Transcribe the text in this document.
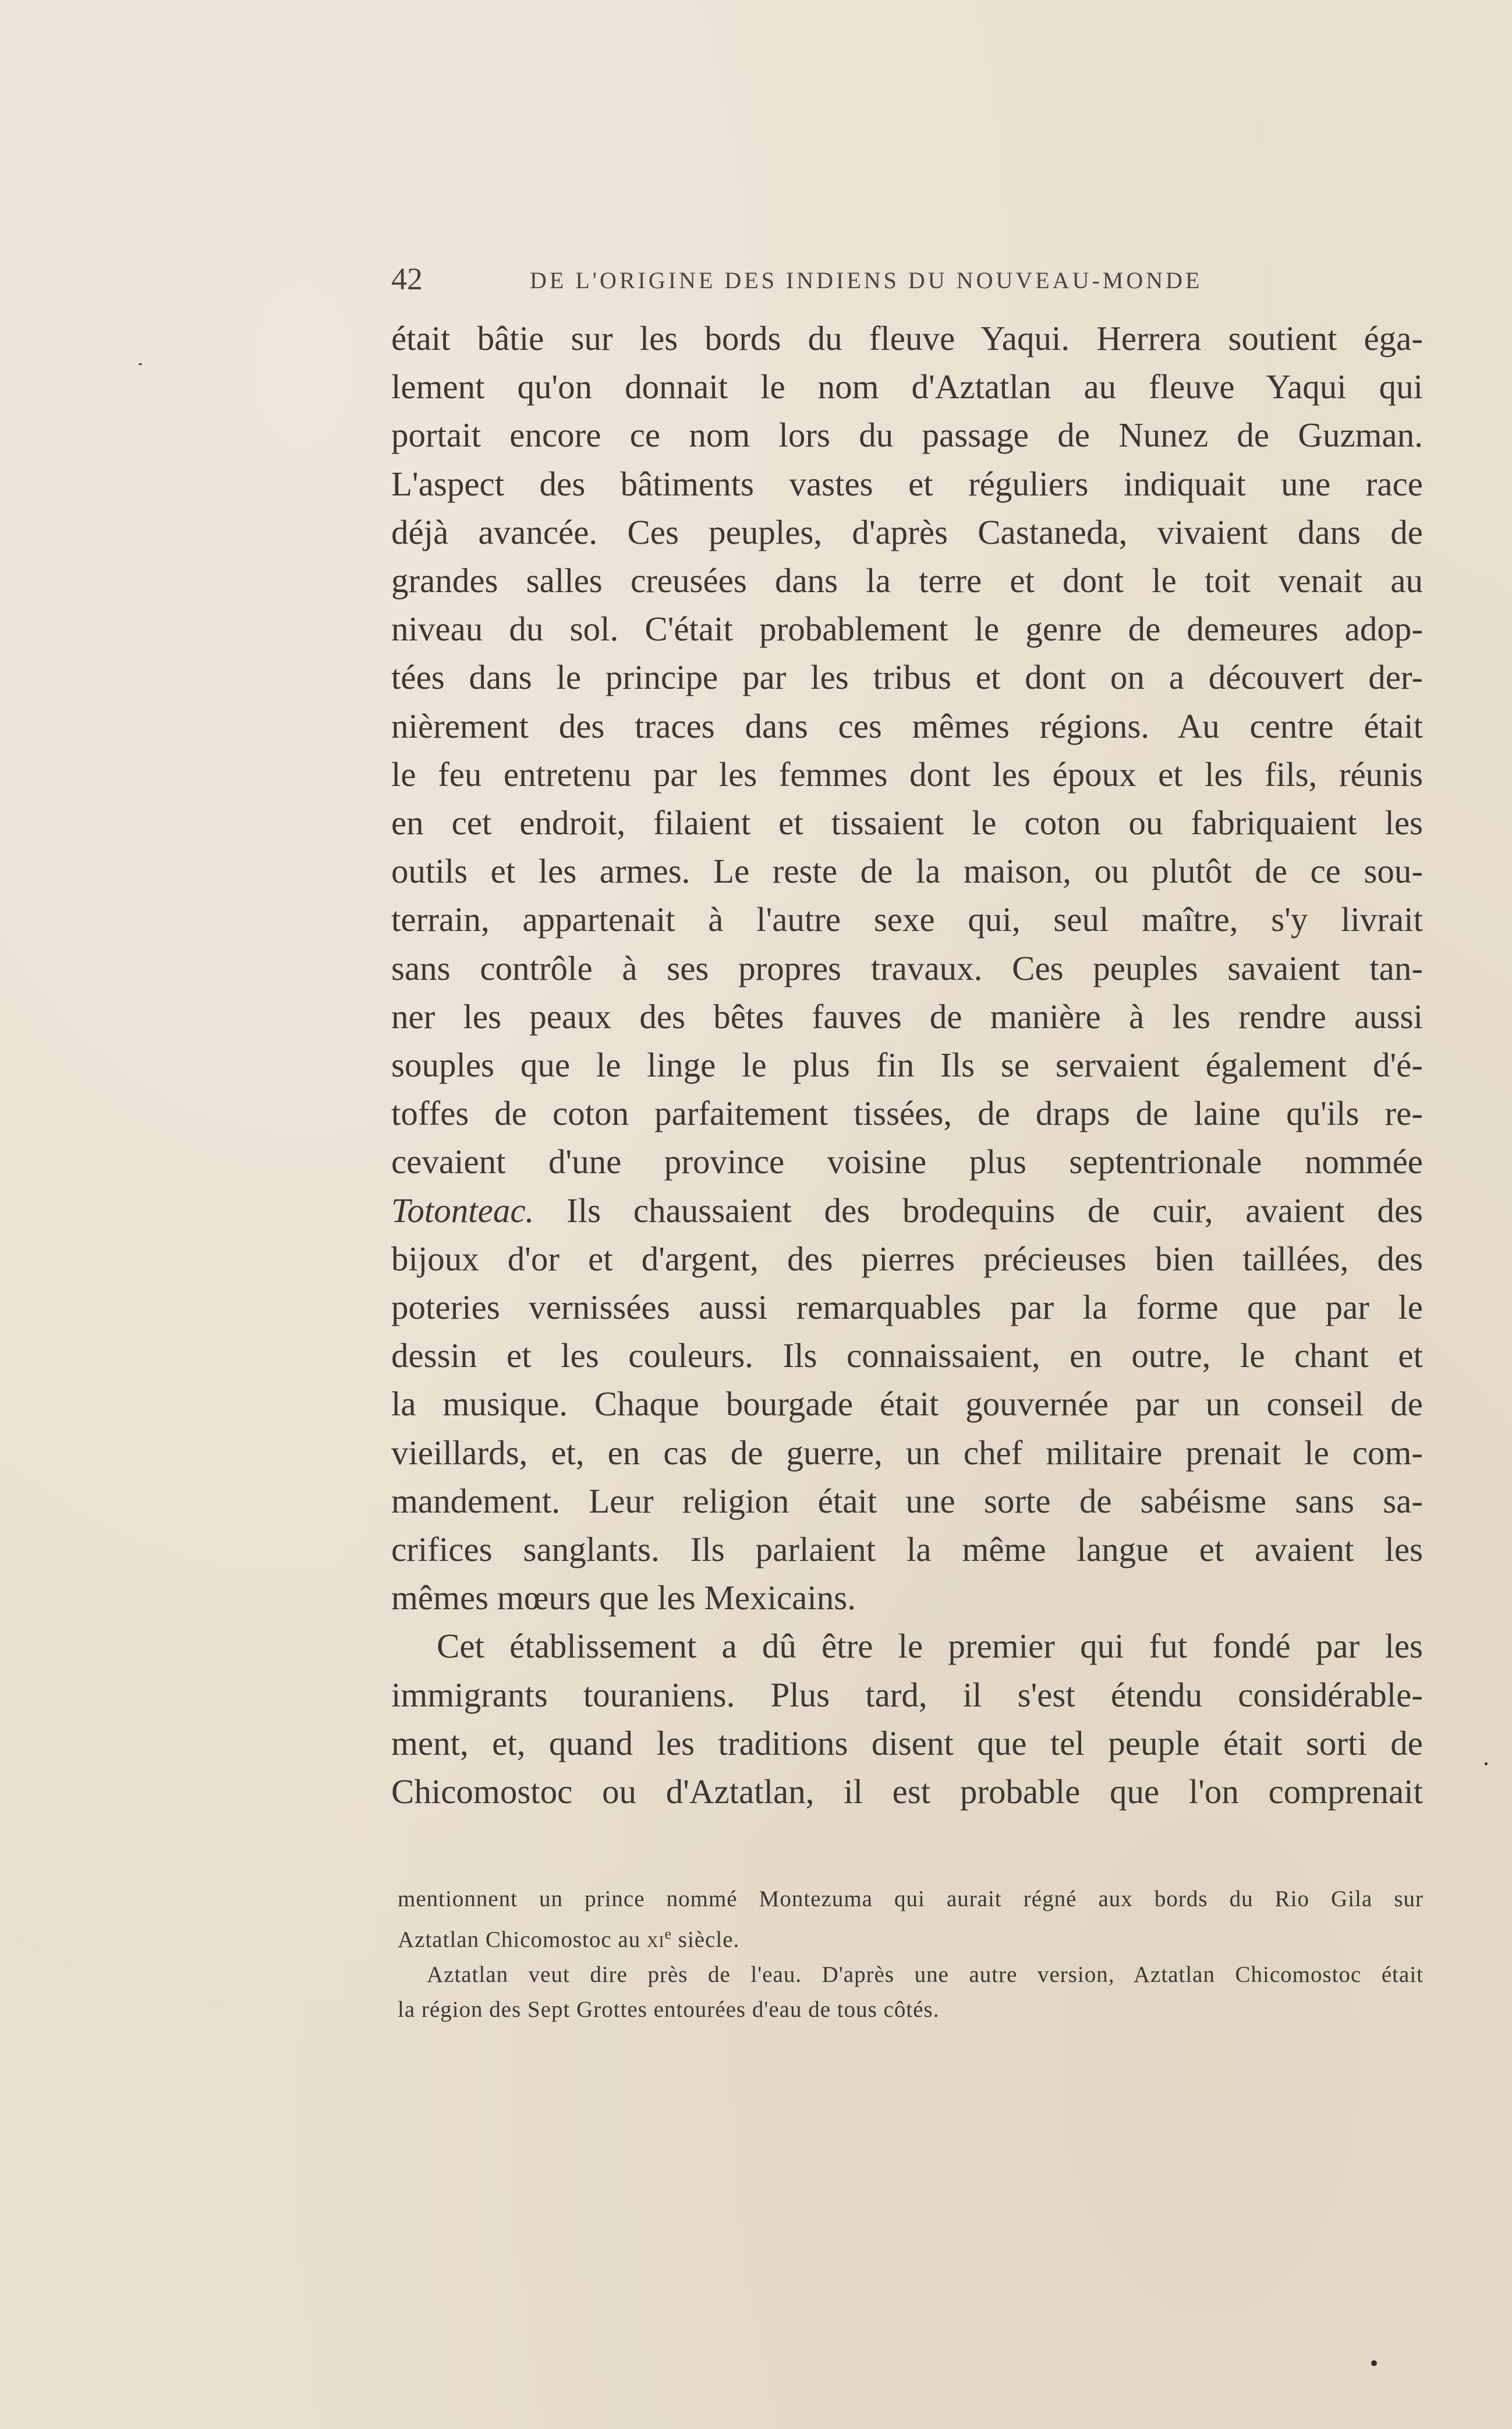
42	DE L'ORIGINE DES INDIENS DU NOUVEAU-MONDE
était bâtie sur les bords du fleuve Yaqui. Herrera soutient éga-
lement qu'on donnait le nom d'Aztatlan au fleuve Yaqui qui
portait encore ce nom lors du passage de Nunez de Guzman.
L'aspect des bâtiments vastes et réguliers indiquait une race
déjà avancée. Ces peuples, d'après Castaneda, vivaient dans de
grandes salles creusées dans la terre et dont le toit venait au
niveau du sol. C'était probablement le genre de demeures adop-
tées dans le principe par les tribus et dont on a découvert der-
nièrement des traces dans ces mêmes régions. Au centre était
le feu entretenu par les femmes dont les époux et les fils, réunis
en cet endroit, filaient et tissaient le coton ou fabriquaient les
outils et les armes. Le reste de la maison, ou plutôt de ce sou-
terrain, appartenait à l'autre sexe qui, seul maître, s'y livrait
sans contrôle à ses propres travaux. Ces peuples savaient tan-
ner les peaux des bêtes fauves de manière à les rendre aussi
souples que le linge le plus fin Ils se servaient également d'é-
toffes de coton parfaitement tissées, de draps de laine qu'ils re-
cevaient d'une province voisine plus septentrionale nommée
Totonteac. Ils chaussaient des brodequins de cuir, avaient des
bijoux d'or et d'argent, des pierres précieuses bien taillées, des
poteries vernissées aussi remarquables par la forme que par le
dessin et les couleurs. Ils connaissaient, en outre, le chant et
la musique. Chaque bourgade était gouvernée par un conseil de
vieillards, et, en cas de guerre, un chef militaire prenait le com-
mandement. Leur religion était une sorte de sabéisme sans sa-
crifices sanglants. Ils parlaient la même langue et avaient les
mêmes mœurs que les Mexicains.
Cet établissement a dû être le premier qui fut fondé par les
immigrants touraniens. Plus tard, il s'est étendu considérable-
ment, et, quand les traditions disent que tel peuple était sorti de
Chicomostoc ou d'Aztatlan, il est probable que l'on comprenait
mentionnent un prince nommé Montezuma qui aurait régné aux bords du Rio Gila sur
Aztatlan Chicomostoc au $xi^e$ siècle.
Aztatlan veut dire près de l'eau. D'après une autre version, Aztatlan Chicomostoc était
la région des Sept Grottes entourées d'eau de tous côtés.
